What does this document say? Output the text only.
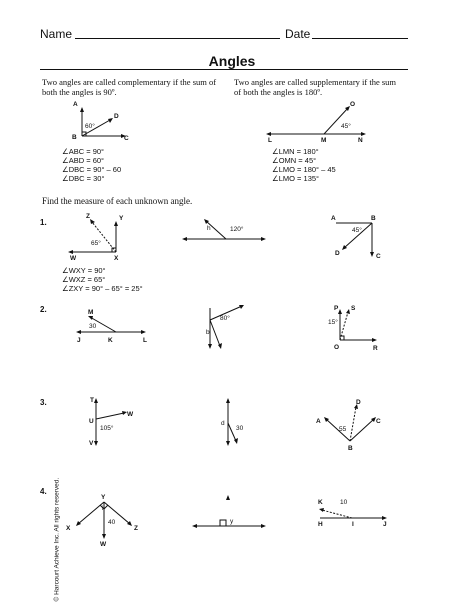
Name	Date
Angles
Two angles are called complementary if the sum of both the angles is 90º.
Two angles are called supplementary if the sum of both the angles is 180º.
A
B	C
D
60°
∠ABC = 90°
∠ABD = 60°
∠DBC = 90° – 60
∠DBC = 30°
L	M	N
O
45°
∠LMN = 180°
∠OMN = 45°
∠LMO = 180° – 45
∠LMO = 135°
Find the measure of each unknown angle.
1.
2.
3.
4.
Z	Y
W	X
65°
∠WXY = 90°
∠WXZ = 65°
∠ZXY = 90° – 65° = 25°
h	120°
A	B
C
D
45°
M
J	K	L
30
b
80°
P S
O	R
15°
T
U
V
W
105°
d
30
A
B
C
D
55
Y
X	Z
W
i
40	y
K
H	I	J
10
© Harcourt Achieve Inc. All rights reserved.
